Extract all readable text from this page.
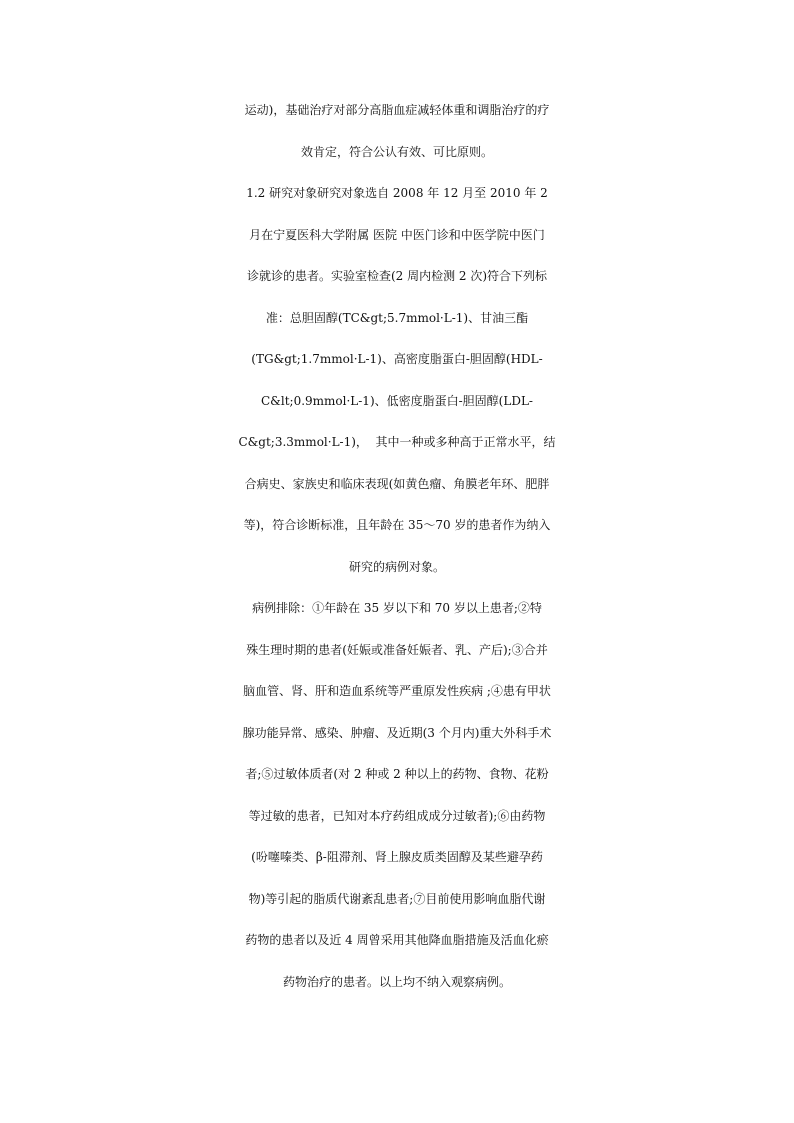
运动)，基础治疗对部分高脂血症减轻体重和调脂治疗的疗
效肯定，符合公认有效、可比原则。
1.2 研究对象研究对象选自 2008 年 12 月至 2010 年 2
月在宁夏医科大学附属 医院 中医门诊和中医学院中医门
诊就诊的患者。实验室检查(2 周内检测 2 次)符合下列标
准：总胆固醇(TC&gt;5.7mmol·L-1)、甘油三酯
(TG&gt;1.7mmol·L-1)、高密度脂蛋白-胆固醇(HDL-
C&lt;0.9mmol·L-1)、低密度脂蛋白-胆固醇(LDL-
C&gt;3.3mmol·L-1)，  其中一种或多种高于正常水平，结
合病史、家族史和临床表现(如黄色瘤、角膜老年环、肥胖
等)，符合诊断标准，且年龄在 35～70 岁的患者作为纳入
研究的病例对象。
病例排除：①年龄在 35 岁以下和 70 岁以上患者;②特
殊生理时期的患者(妊娠或准备妊娠者、乳、产后);③合并
脑血管、肾、肝和造血系统等严重原发性疾病 ;④患有甲状
腺功能异常、感染、肿瘤、及近期(3 个月内)重大外科手术
者;⑤过敏体质者(对 2 种或 2 种以上的药物、食物、花粉
等过敏的患者，已知对本疗药组成成分过敏者);⑥由药物
(吩噻嗪类、β-阻滞剂、肾上腺皮质类固醇及某些避孕药
物)等引起的脂质代谢紊乱患者;⑦目前使用影响血脂代谢
药物的患者以及近 4 周曾采用其他降血脂措施及活血化瘀
药物治疗的患者。以上均不纳入观察病例。
